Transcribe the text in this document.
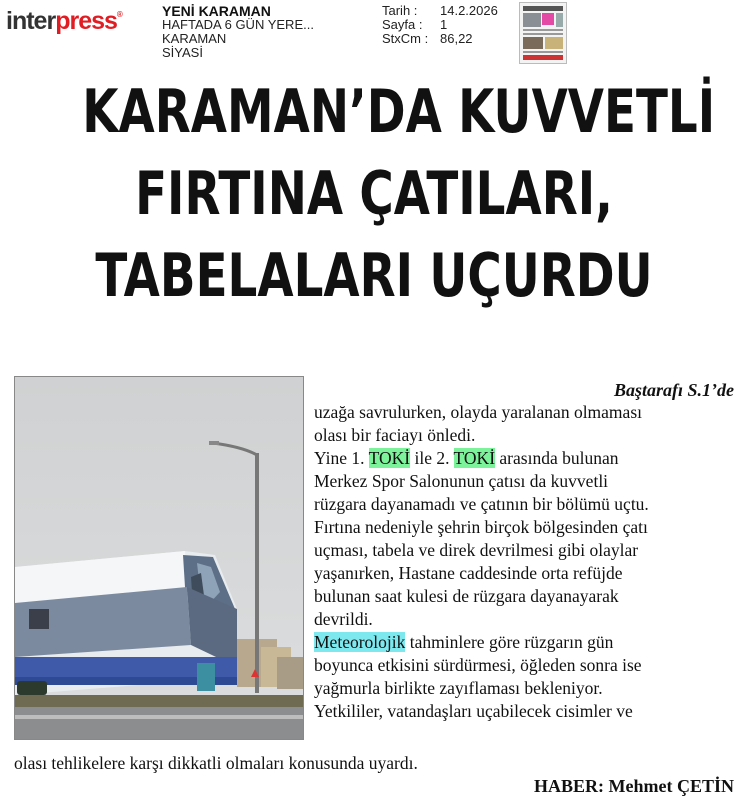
interpress®	YENİ KARAMAN
HAFTADA 6 GÜN YERE...
KARAMAN
SİYASİ
Tarih :	14.2.2026
Sayfa :	1
StxCm : 86,22
KARAMAN’DA KUVVETLİ
FIRTINA ÇATILARI,
TABELALARI UÇURDU
Baştarafı S.1’de
uzağa savrulurken, olayda yaralanan olmaması
olası bir faciayı önledi.
Yine 1. TOKİ ile 2. TOKİ arasında bulunan
Merkez Spor Salonunun çatısı da kuvvetli
rüzgara dayanamadı ve çatının bir bölümü uçtu.
Fırtına nedeniyle şehrin birçok bölgesinden çatı
uçması, tabela ve direk devrilmesi gibi olaylar
yaşanırken, Hastane caddesinde orta refüjde
bulunan saat kulesi de rüzgara dayanayarak
devrildi.
Meteorolojik tahminlere göre rüzgarın gün
boyunca etkisini sürdürmesi, öğleden sonra ise
yağmurla birlikte zayıflaması bekleniyor.
Yetkililer, vatandaşları uçabilecek cisimler ve
olası tehlikelere karşı dikkatli olmaları konusunda uyardı.
HABER: Mehmet ÇETİN
